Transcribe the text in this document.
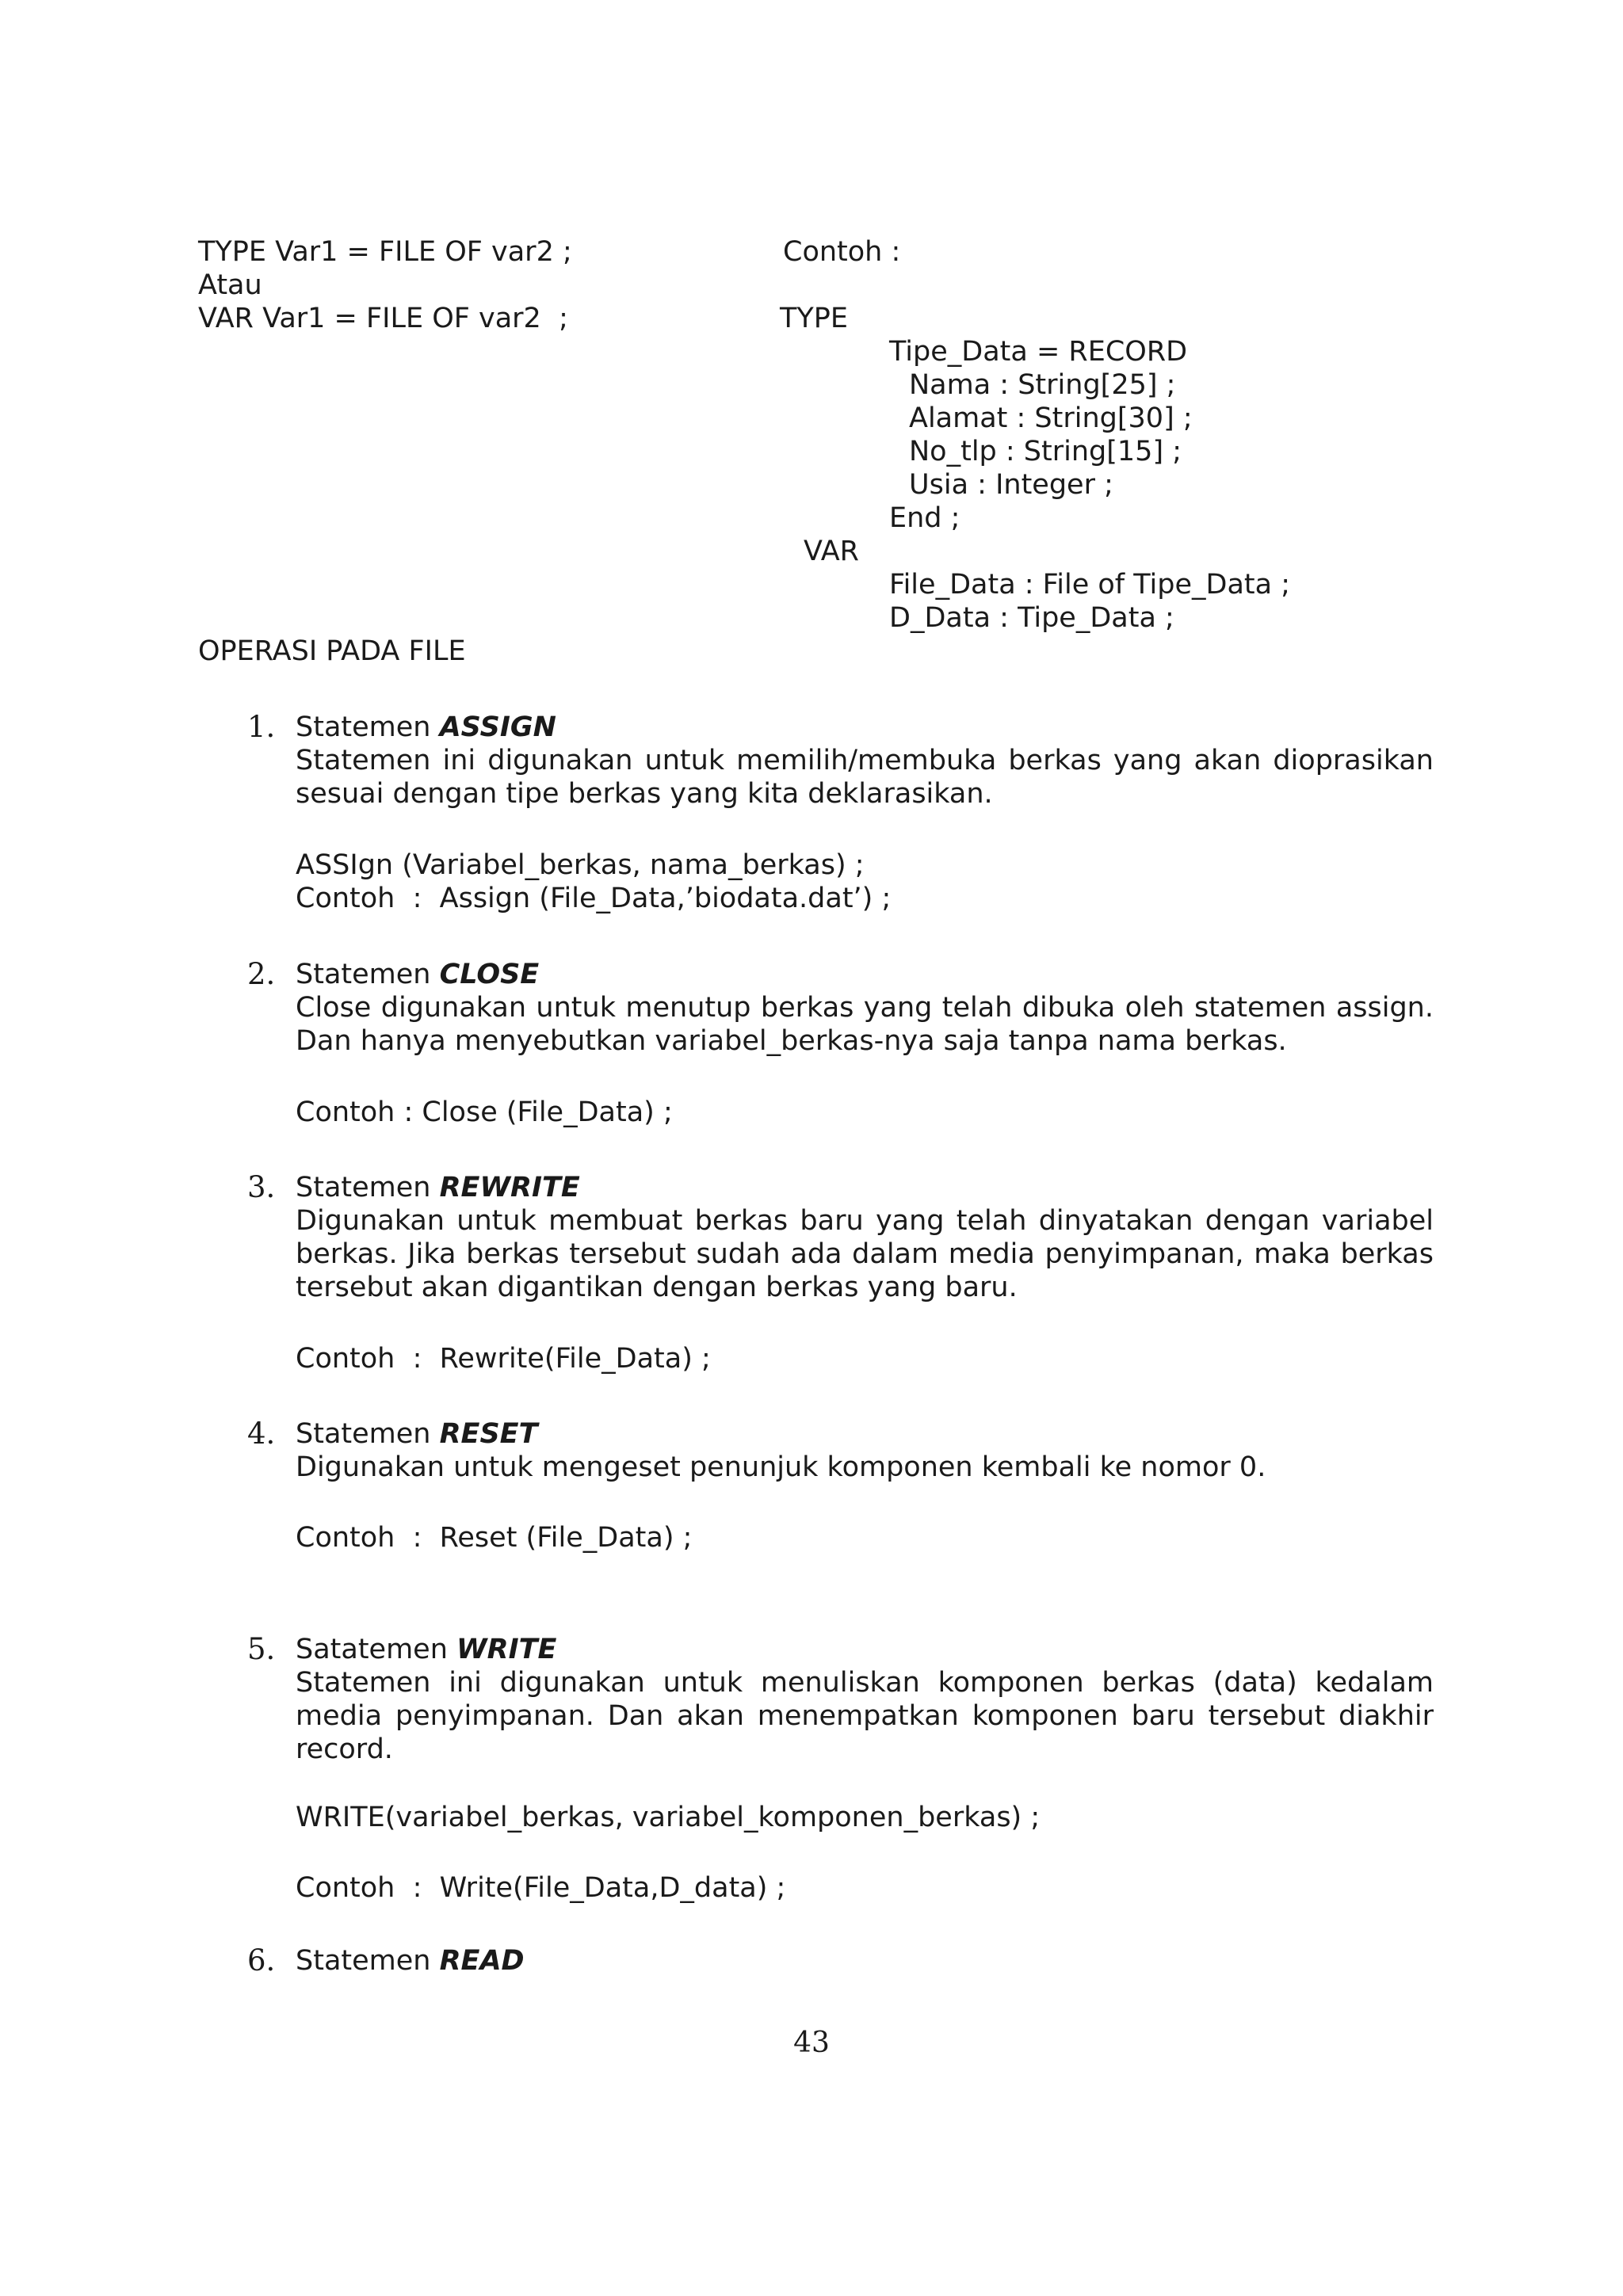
TYPE Var1 = FILE OF var2 ;
Atau
VAR Var1 = FILE OF var2  ;
Contoh :
TYPE
Tipe_Data = RECORD
Nama : String[25] ;
Alamat : String[30] ;
No_tlp : String[15] ;
Usia : Integer ;
End ;
VAR
File_Data : File of Tipe_Data ;
D_Data : Tipe_Data ;
OPERASI PADA FILE
1. Statemen ASSIGN
Statemen ini digunakan untuk memilih/membuka berkas yang akan dioprasikan sesuai dengan tipe berkas yang kita deklarasikan.
ASSIgn (Variabel_berkas, nama_berkas) ;
Contoh  :  Assign (File_Data,’biodata.dat’) ;
2. Statemen CLOSE
Close digunakan untuk menutup berkas yang telah dibuka oleh statemen assign. Dan hanya menyebutkan variabel_berkas-nya saja tanpa nama berkas.
Contoh : Close (File_Data) ;
3. Statemen REWRITE
Digunakan untuk membuat berkas baru yang telah dinyatakan dengan variabel berkas. Jika berkas tersebut sudah ada dalam media penyimpanan, maka berkas tersebut akan digantikan dengan berkas yang baru.
Contoh  :  Rewrite(File_Data) ;
4. Statemen RESET
Digunakan untuk mengeset penunjuk komponen kembali ke nomor 0.
Contoh  :  Reset (File_Data) ;
5. Satatemen WRITE
Statemen ini digunakan untuk menuliskan komponen berkas (data) kedalam media penyimpanan. Dan akan menempatkan komponen baru tersebut diakhir record.
WRITE(variabel_berkas, variabel_komponen_berkas) ;
Contoh  :  Write(File_Data,D_data) ;
6. Statemen READ
43
